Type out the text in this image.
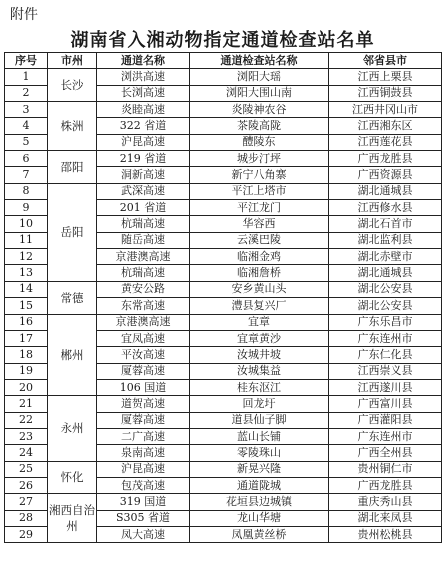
附件
湖南省入湘动物指定通道检查站名单
序号	市州	通道名称	通道检查站名称	邻省县市
1	长沙	浏洪高速	浏阳大瑶	江西上栗县
2		长浏高速	浏阳大围山南	江西铜鼓县
3	株洲	炎睦高速	炎陵神农谷	江西井冈山市
4		322 省道	茶陵高陇	江西湘东区
5		沪昆高速	醴陵东	江西莲花县
6	邵阳	219 省道	城步汀坪	广西龙胜县
7		洞新高速	新宁八角寨	广西资源县
8	岳阳	武深高速	平江上塔市	湖北通城县
9		201 省道	平江龙门	江西修水县
10		杭瑞高速	华容西	湖北石首市
11		随岳高速	云溪巴陵	湖北监利县
12		京港澳高速	临湘金鸡	湖北赤壁市
13		杭瑞高速	临湘詹桥	湖北通城县
14	常德	黄安公路	安乡黄山头	湖北公安县
15		东常高速	澧县复兴厂	湖北公安县
16	郴州	京港澳高速	宜章	广东乐昌市
17		宜凤高速	宜章黄沙	广东连州市
18		平汝高速	汝城井坡	广东仁化县
19		厦蓉高速	汝城集益	江西崇义县
20		106 国道	桂东沤江	江西遂川县
21	永州	道贺高速	回龙圩	广西富川县
22		厦蓉高速	道县仙子脚	广西灌阳县
23		二广高速	蓝山长铺	广东连州市
24		泉南高速	零陵珠山	广西全州县
25	怀化	沪昆高速	新晃兴隆	贵州铜仁市
26		包茂高速	通道陇城	广西龙胜县
27	湘西自治州	319 国道	花垣县边城镇	重庆秀山县
28		S305 省道	龙山华塘	湖北来凤县
29		凤大高速	凤凰黄丝桥	贵州松桃县
